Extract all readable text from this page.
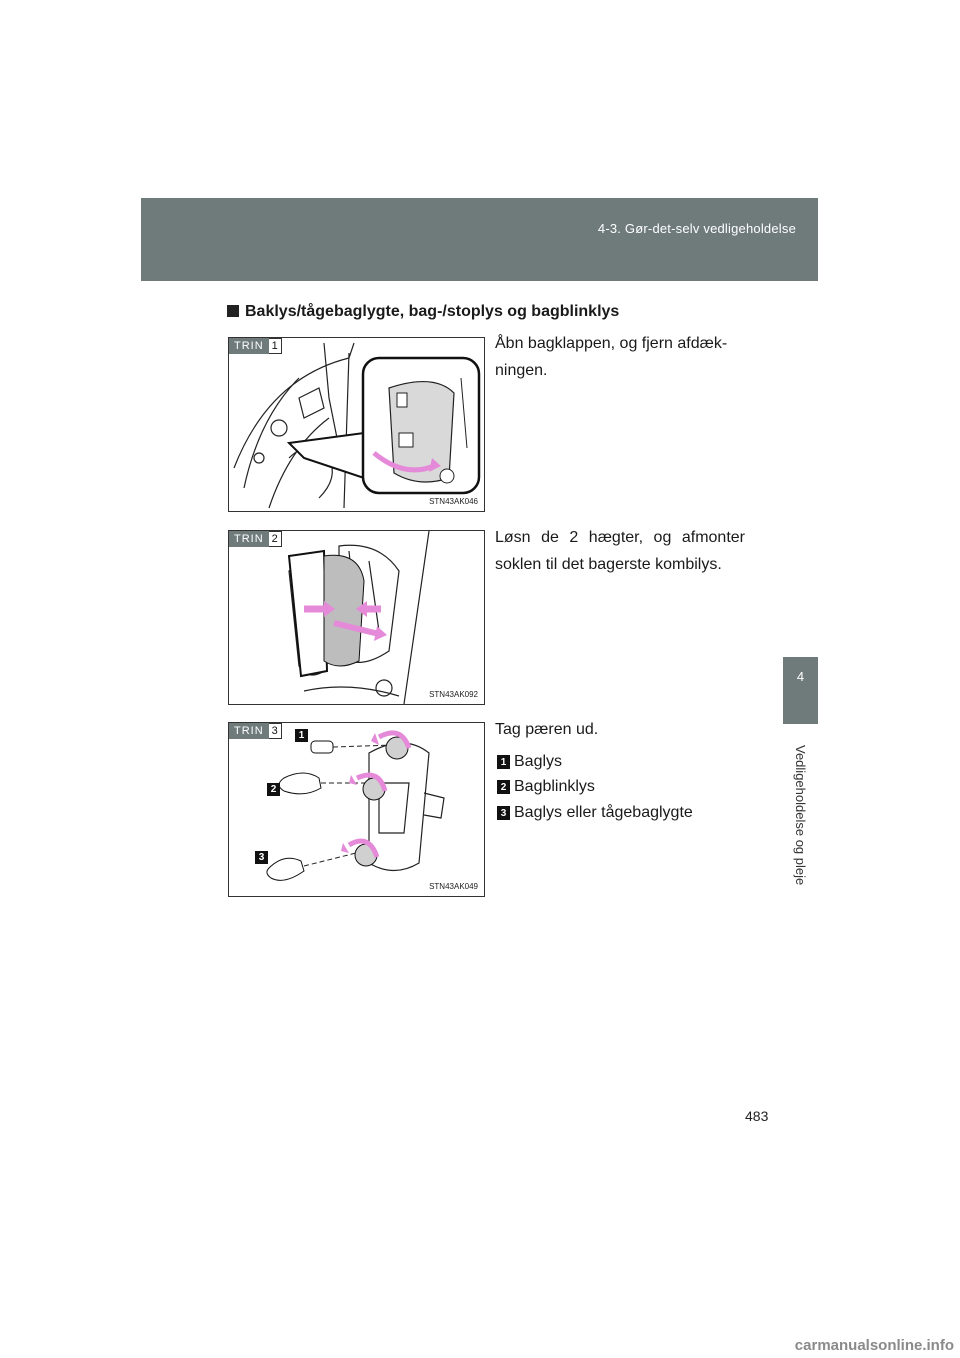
4-3. Gør-det-selv vedligeholdelse
4
Vedligeholdelse og pleje
Baklys/tågebaglygte, bag-/stoplys og bagblinklys
TRIN 1
STN43AK046
TRIN 2
STN43AK092
1
2
3
TRIN 3
STN43AK049
Åbn bagklappen, og fjern afdæk-ningen.
Løsn de 2 hægter, og afmonter soklen til det bagerste kombilys.
Tag pæren ud.
1 Baglys
2 Bagblinklys
3 Baglys eller tågebaglygte
483
carmanualsonline.info
